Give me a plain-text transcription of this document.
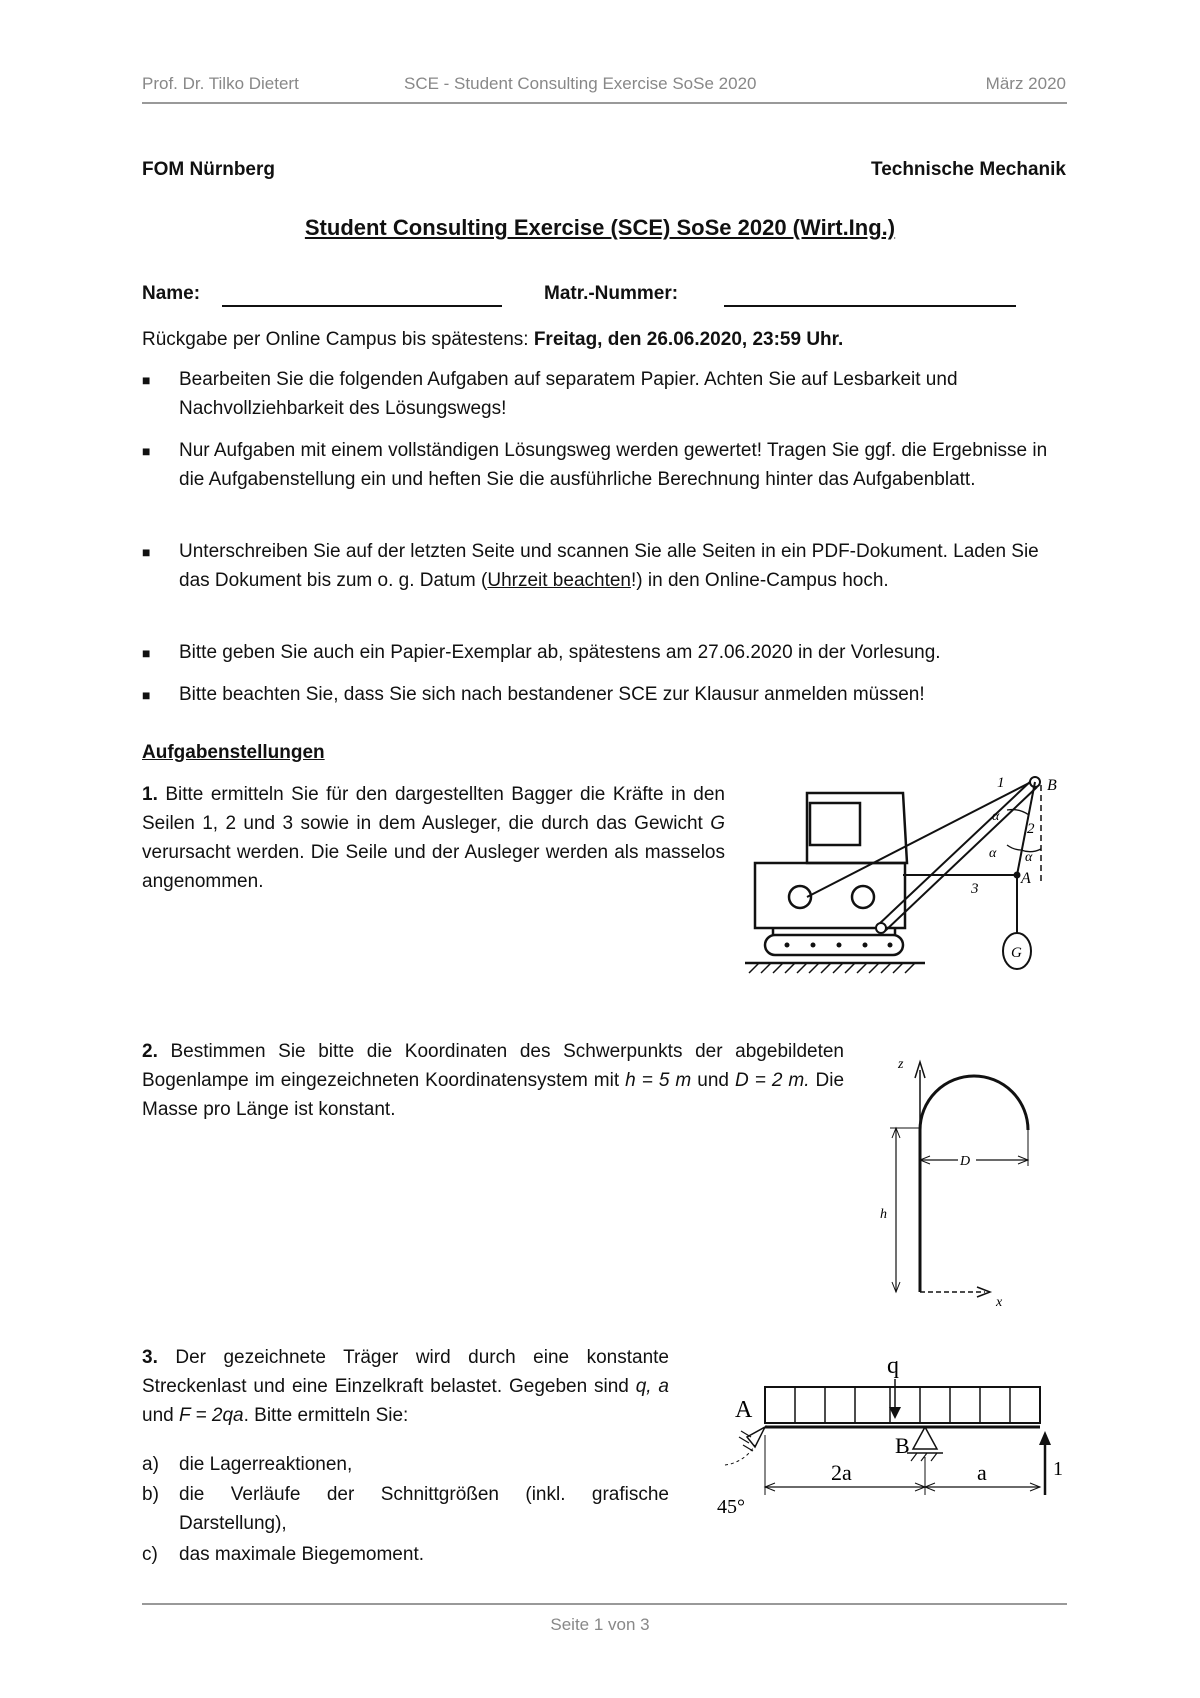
Prof. Dr. Tilko Dietert	SCE - Student Consulting Exercise SoSe 2020	März 2020
FOM Nürnberg	Technische Mechanik
Student Consulting Exercise (SCE) SoSe 2020 (Wirt.Ing.)
Name:	Matr.-Nummer:
Rückgabe per Online Campus bis spätestens: Freitag, den 26.06.2020, 23:59 Uhr.
■ Bearbeiten Sie die folgenden Aufgaben auf separatem Papier. Achten Sie auf Lesbarkeit und Nachvollziehbarkeit des Lösungswegs!
■ Nur Aufgaben mit einem vollständigen Lösungsweg werden gewertet! Tragen Sie ggf. die Ergebnisse in die Aufgabenstellung ein und heften Sie die ausführliche Berechnung hinter das Aufgabenblatt.
■ Unterschreiben Sie auf der letzten Seite und scannen Sie alle Seiten in ein PDF-Dokument. Laden Sie das Dokument bis zum o. g. Datum (Uhrzeit beachten!) in den Online-Campus hoch.
■ Bitte geben Sie auch ein Papier-Exemplar ab, spätestens am 27.06.2020 in der Vorlesung.
■ Bitte beachten Sie, dass Sie sich nach bestandener SCE zur Klausur anmelden müssen!
Aufgabenstellungen
1. Bitte ermitteln Sie für den dargestellten Bagger die Kräfte in den Seilen 1, 2 und 3 sowie in dem Ausleger, die durch das Gewicht G verursacht werden. Die Seile und der Ausleger werden als masselos angenommen.
1	B
2
α
α α
A
3
G
2. Bestimmen Sie bitte die Koordinaten des Schwerpunkts der abgebildeten Bogenlampe im eingezeichneten Koordinatensystem mit h = 5 m und D = 2 m. Die Masse pro Länge ist konstant.
z
x
h
D
3. Der gezeichnete Träger wird durch eine konstante Streckenlast und eine Einzelkraft belastet. Gegeben sind q, a und F = 2qa. Bitte ermitteln Sie:
a) die Lagerreaktionen,
b) die Verläufe der Schnittgrößen (inkl. grafische Darstellung),
c) das maximale Biegemoment.
q
A
B
2a	a
45°
1
Seite 1 von 3
